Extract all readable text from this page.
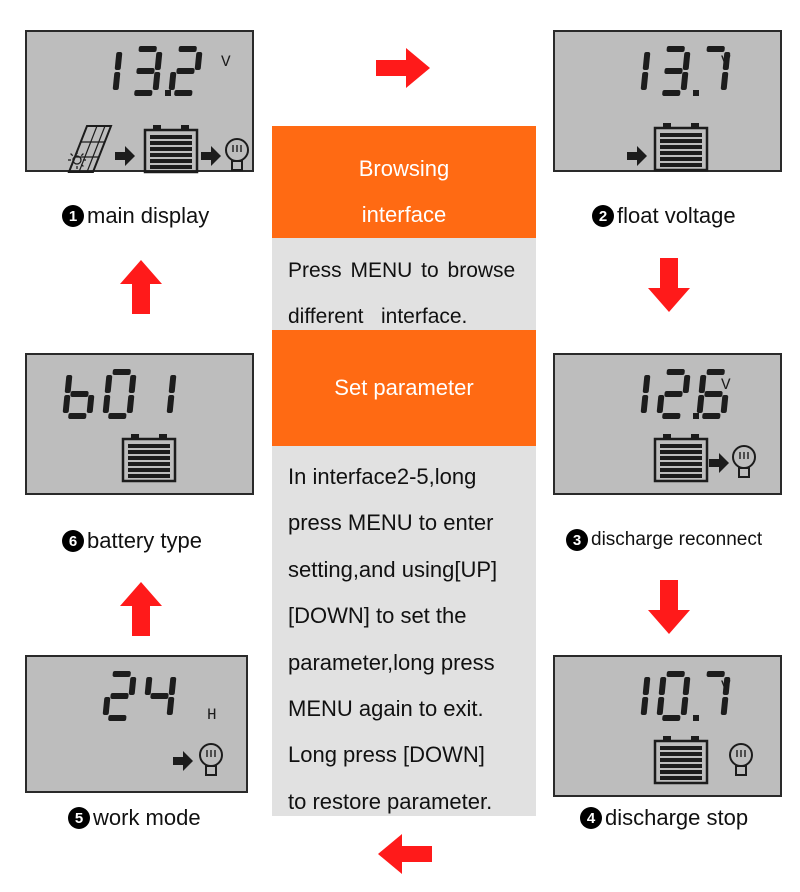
V
1 main display
V
2 float voltage
V
3 discharge reconnect
V
4 discharge stop
H
5 work mode
6 battery type
Browsing
interface
Press MENU to browse
different   interface.
Set parameter
In interface2-5,long
press MENU to enter
setting,and using[UP]
[DOWN] to set the
parameter,long press
MENU again to exit.
Long press [DOWN]
to restore parameter.
